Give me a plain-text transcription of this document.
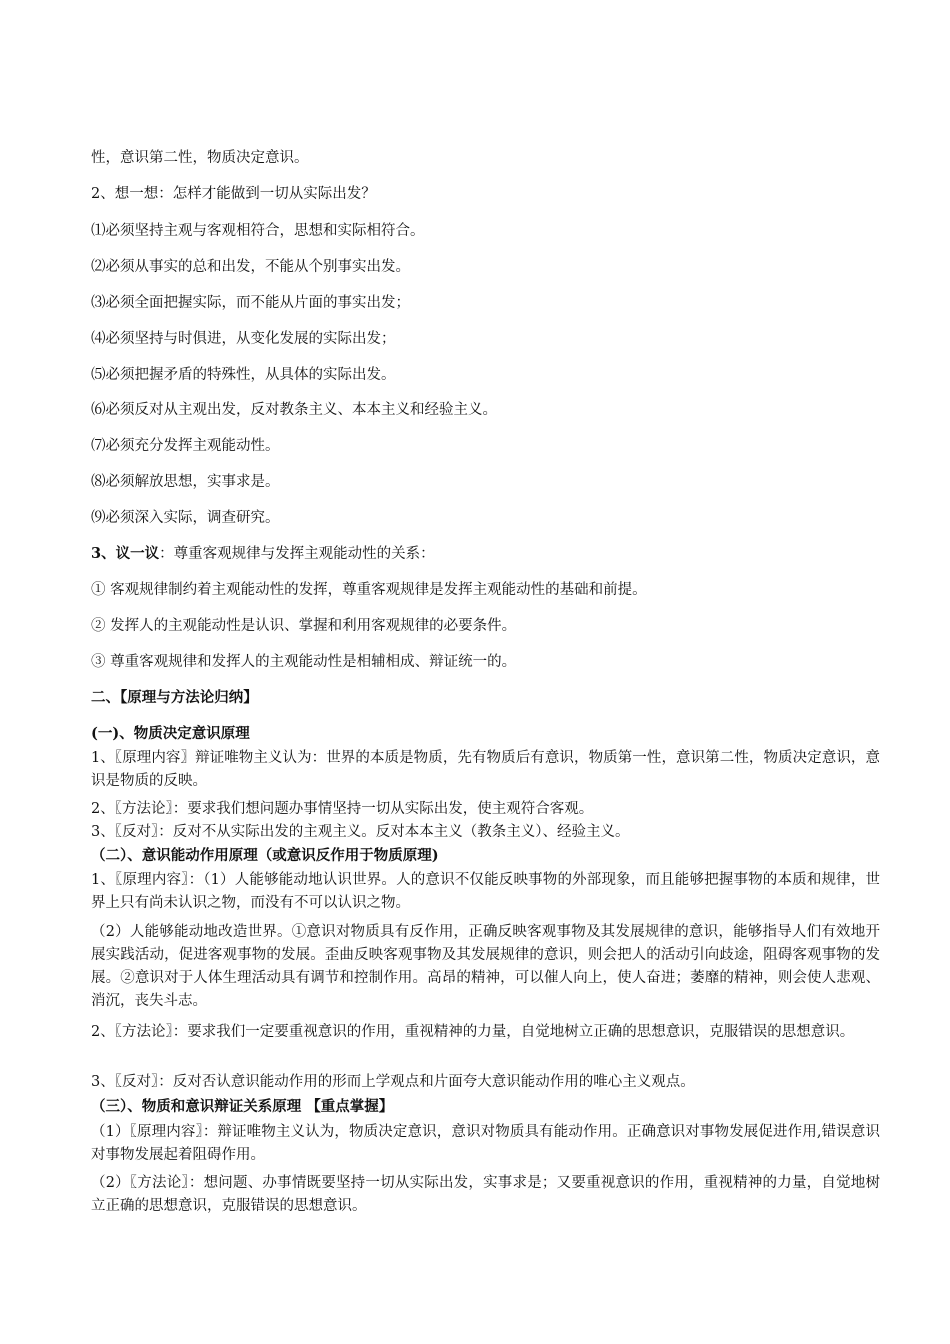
性，意识第二性，物质决定意识。
2、想一想：怎样才能做到一切从实际出发？
⑴必须坚持主观与客观相符合，思想和实际相符合。
⑵必须从事实的总和出发，不能从个别事实出发。
⑶必须全面把握实际，而不能从片面的事实出发；
⑷必须坚持与时俱进，从变化发展的实际出发；
⑸必须把握矛盾的特殊性，从具体的实际出发。
⑹必须反对从主观出发，反对教条主义、本本主义和经验主义。
⑺必须充分发挥主观能动性。
⑻必须解放思想，实事求是。
⑼必须深入实际，调查研究。
3、议一议：尊重客观规律与发挥主观能动性的关系：
① 客观规律制约着主观能动性的发挥，尊重客观规律是发挥主观能动性的基础和前提。
② 发挥人的主观能动性是认识、掌握和利用客观规律的必要条件。
③ 尊重客观规律和发挥人的主观能动性是相辅相成、辩证统一的。
二、【原理与方法论归纳】
(一)、物质决定意识原理
1、〖原理内容〗辩证唯物主义认为：世界的本质是物质，先有物质后有意识，物质第一性，意识第二性，物质决定意识，意识是物质的反映。
2、〖方法论〗：要求我们想问题办事情坚持一切从实际出发，使主观符合客观。
3、〖反对〗：反对不从实际出发的主观主义。反对本本主义（教条主义）、经验主义。
（二）、意识能动作用原理（或意识反作用于物质原理)
1、〖原理内容〗：（1）人能够能动地认识世界。人的意识不仅能反映事物的外部现象，而且能够把握事物的本质和规律，世界上只有尚未认识之物，而没有不可以认识之物。
（2）人能够能动地改造世界。①意识对物质具有反作用，正确反映客观事物及其发展规律的意识，能够指导人们有效地开展实践活动，促进客观事物的发展。歪曲反映客观事物及其发展规律的意识，则会把人的活动引向歧途，阻碍客观事物的发展。②意识对于人体生理活动具有调节和控制作用。高昂的精神，可以催人向上，使人奋进；萎靡的精神，则会使人悲观、消沉，丧失斗志。
2、〖方法论〗：要求我们一定要重视意识的作用，重视精神的力量，自觉地树立正确的思想意识，克服错误的思想意识。
3、〖反对〗：反对否认意识能动作用的形而上学观点和片面夸大意识能动作用的唯心主义观点。
（三）、物质和意识辩证关系原理 【重点掌握】
（1）〖原理内容〗：辩证唯物主义认为，物质决定意识，意识对物质具有能动作用。正确意识对事物发展促进作用,错误意识对事物发展起着阻碍作用。
（2）〖方法论〗：想问题、办事情既要坚持一切从实际出发，实事求是；又要重视意识的作用，重视精神的力量，自觉地树立正确的思想意识，克服错误的思想意识。
